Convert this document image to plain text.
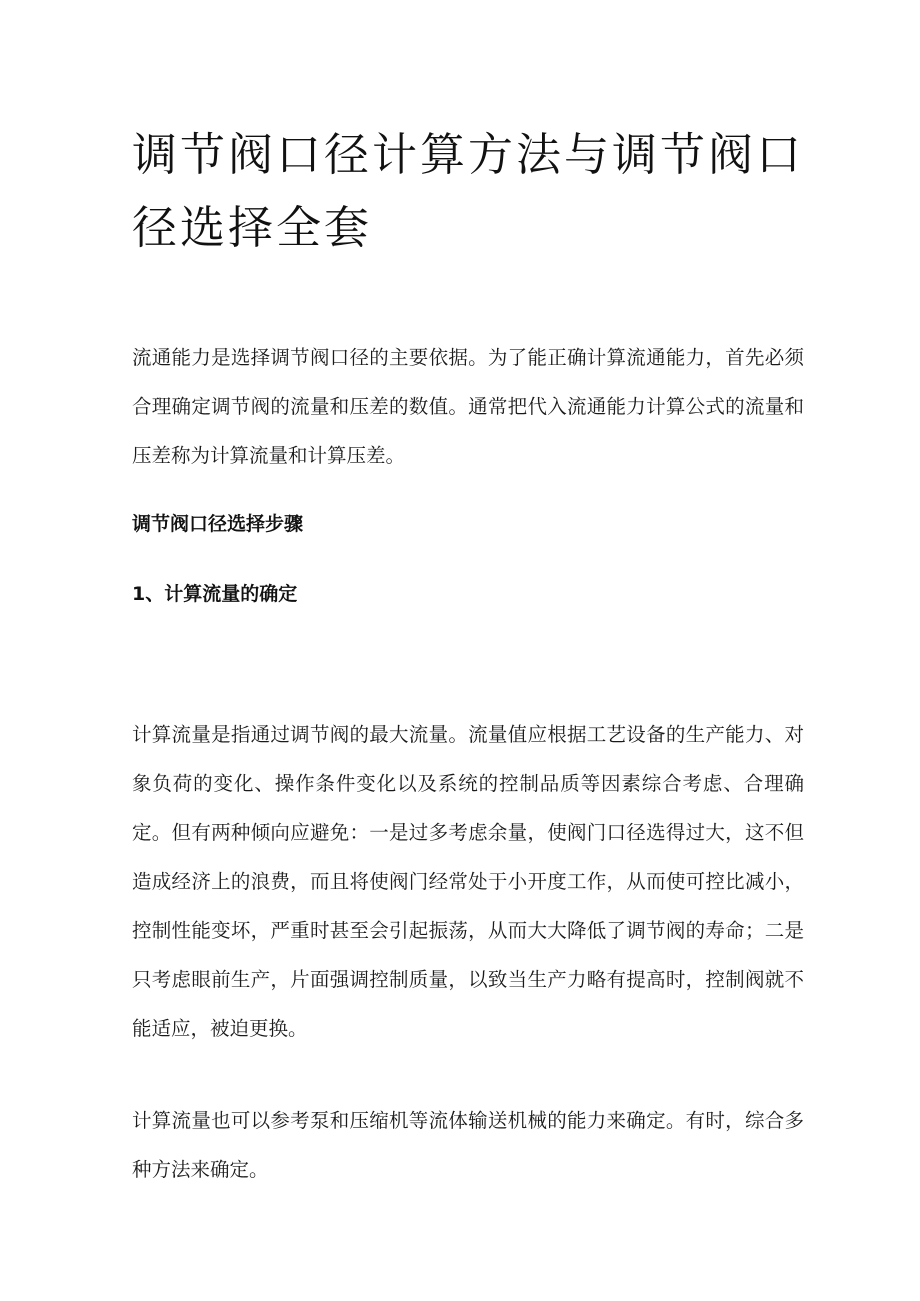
调节阀口径计算方法与调节阀口径选择全套

流通能力是选择调节阀口径的主要依据。为了能正确计算流通能力，首先必须合理确定调节阀的流量和压差的数值。通常把代入流通能力计算公式的流量和压差称为计算流量和计算压差。

调节阀口径选择步骤
1、计算流量的确定

计算流量是指通过调节阀的最大流量。流量值应根据工艺设备的生产能力、对象负荷的变化、操作条件变化以及系统的控制品质等因素综合考虑、合理确定。但有两种倾向应避免：一是过多考虑余量，使阀门口径选得过大，这不但造成经济上的浪费，而且将使阀门经常处于小开度工作，从而使可控比减小，控制性能变坏，严重时甚至会引起振荡，从而大大降低了调节阀的寿命；二是只考虑眼前生产，片面强调控制质量，以致当生产力略有提高时，控制阀就不能适应，被迫更换。

计算流量也可以参考泵和压缩机等流体输送机械的能力来确定。有时，综合多种方法来确定。
